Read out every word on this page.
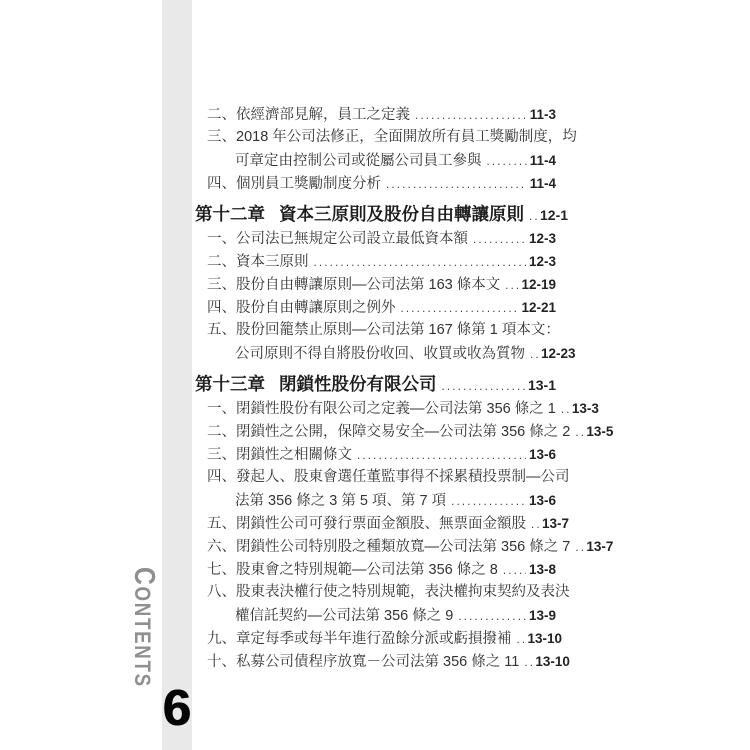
CONTENTS
6
二、 依經濟部見解，員工之定義 .....	11-3
三、 2018 年公司法修正，全面開放所有員工獎勵制度，均
可章定由控制公司或從屬公司員工參與 .....	11-4
四、 個別員工獎勵制度分析 .....	11-4
第十二章 資本三原則及股份自由轉讓原則 ..... 12-1
一、 公司法已無規定公司設立最低資本額 .....	12-3
二、 資本三原則 .....	12-3
三、 股份自由轉讓原則—公司法第 163 條本文 ..... 12-19
四、 股份自由轉讓原則之例外 .....	12-21
五、 股份回籠禁止原則—公司法第 167 條第 1 項本文：
公司原則不得自將股份收回、收買或收為質物 ..... 12-23
第十三章 閉鎖性股份有限公司 .....	13-1
一、 閉鎖性股份有限公司之定義—公司法第 356 條之 1 ..... 13-3
二、 閉鎖性之公開，保障交易安全—公司法第 356 條之 2 ..... 13-5
三、 閉鎖性之相關條文 .....	13-6
四、 發起人、股東會選任董監事得不採累積投票制—公司
法第 356 條之 3 第 5 項、第 7 項 .....	13-6
五、 閉鎖性公司可發行票面金額股、無票面金額股 ..... 13-7
六、 閉鎖性公司特別股之種類放寬—公司法第 356 條之 7 ..... 13-7
七、 股東會之特別規範—公司法第 356 條之 8 ..... 13-8
八、 股東表決權行使之特別規範，表決權拘束契約及表決
權信託契約—公司法第 356 條之 9 .....	13-9
九、 章定每季或每半年進行盈餘分派或虧損撥補 ..... 13-10
十、 私募公司債程序放寬－公司法第 356 條之 11 ..... 13-10
